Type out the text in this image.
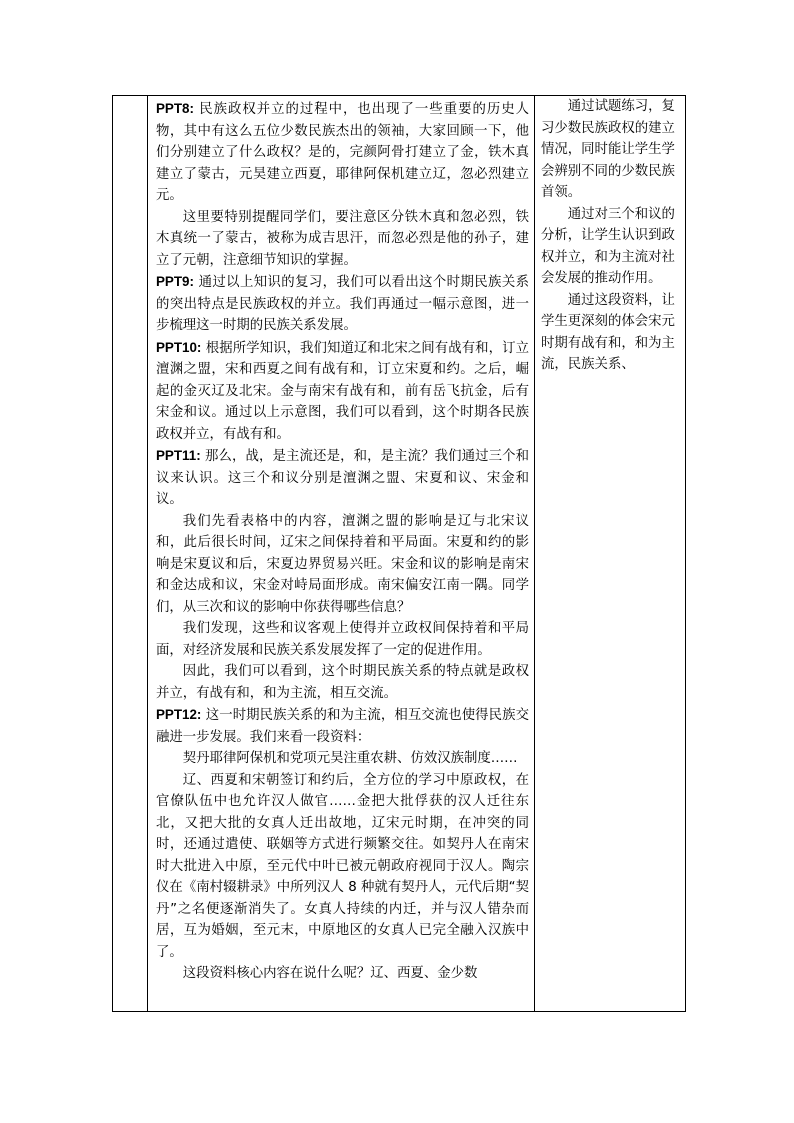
PPT8: 民族政权并立的过程中，也出现了一些重要的历史人物，其中有这么五位少数民族杰出的领袖，大家回顾一下，他们分别建立了什么政权？是的，完颜阿骨打建立了金，铁木真建立了蒙古，元昊建立西夏，耶律阿保机建立辽，忽必烈建立元。

这里要特别提醒同学们，要注意区分铁木真和忽必烈，铁木真统一了蒙古，被称为成吉思汗，而忽必烈是他的孙子，建立了元朝，注意细节知识的掌握。

PPT9: 通过以上知识的复习，我们可以看出这个时期民族关系的突出特点是民族政权的并立。我们再通过一幅示意图，进一步梳理这一时期的民族关系发展。

PPT10: 根据所学知识，我们知道辽和北宋之间有战有和，订立澶渊之盟，宋和西夏之间有战有和，订立宋夏和约。之后，崛起的金灭辽及北宋。金与南宋有战有和，前有岳飞抗金，后有宋金和议。通过以上示意图，我们可以看到，这个时期各民族政权并立，有战有和。

PPT11: 那么，战，是主流还是，和，是主流？我们通过三个和议来认识。这三个和议分别是澶渊之盟、宋夏和议、宋金和议。

我们先看表格中的内容，澶渊之盟的影响是辽与北宋议和，此后很长时间，辽宋之间保持着和平局面。宋夏和约的影响是宋夏议和后，宋夏边界贸易兴旺。宋金和议的影响是南宋和金达成和议，宋金对峙局面形成。南宋偏安江南一隅。同学们，从三次和议的影响中你获得哪些信息？

我们发现，这些和议客观上使得并立政权间保持着和平局面，对经济发展和民族关系发展发挥了一定的促进作用。

因此，我们可以看到，这个时期民族关系的特点就是政权并立，有战有和，和为主流，相互交流。

PPT12: 这一时期民族关系的和为主流，相互交流也使得民族交融进一步发展。我们来看一段资料：

契丹耶律阿保机和党项元昊注重农耕、仿效汉族制度……

辽、西夏和宋朝签订和约后，全方位的学习中原政权，在官僚队伍中也允许汉人做官……金把大批俘获的汉人迁往东北，又把大批的女真人迁出故地，辽宋元时期，在冲突的同时，还通过遣使、联姻等方式进行频繁交往。如契丹人在南宋时大批进入中原，至元代中叶已被元朝政府视同于汉人。陶宗仪在《南村辍耕录》中所列汉人 8 种就有契丹人，元代后期“契丹”之名便逐渐消失了。女真人持续的内迁，并与汉人错杂而居，互为婚姻，至元末，中原地区的女真人已完全融入汉族中了。

这段资料核心内容在说什么呢？辽、西夏、金少数

通过试题练习，复习少数民族政权的建立情况，同时能让学生学会辨别不同的少数民族首领。

通过对三个和议的分析，让学生认识到政权并立，和为主流对社会发展的推动作用。

通过这段资料，让学生更深刻的体会宋元时期有战有和，和为主流，民族关系、
